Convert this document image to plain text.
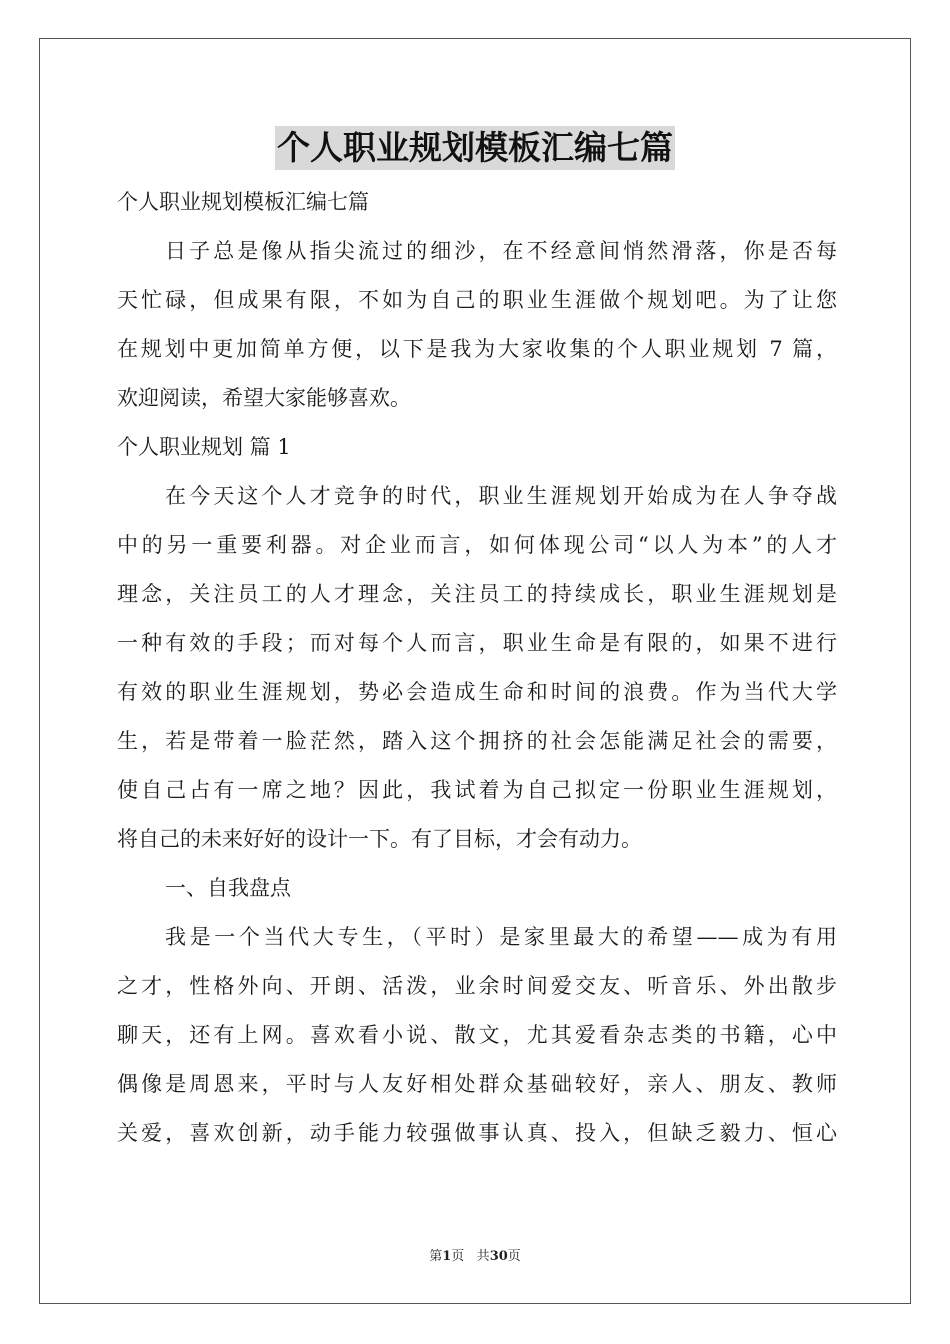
个人职业规划模板汇编七篇
个人职业规划模板汇编七篇
日子总是像从指尖流过的细沙，在不经意间悄然滑落，你是否每
天忙碌，但成果有限，不如为自己的职业生涯做个规划吧。为了让您
在规划中更加简单方便，以下是我为大家收集的个人职业规划 7 篇，
欢迎阅读，希望大家能够喜欢。
个人职业规划 篇 1
在今天这个人才竞争的时代，职业生涯规划开始成为在人争夺战
中的另一重要利器。对企业而言，如何体现公司“以人为本”的人才
理念，关注员工的人才理念，关注员工的持续成长，职业生涯规划是
一种有效的手段；而对每个人而言，职业生命是有限的，如果不进行
有效的职业生涯规划，势必会造成生命和时间的浪费。作为当代大学
生，若是带着一脸茫然，踏入这个拥挤的社会怎能满足社会的需要，
使自己占有一席之地？因此，我试着为自己拟定一份职业生涯规划，
将自己的未来好好的设计一下。有了目标，才会有动力。
一、自我盘点
我是一个当代大专生，（平时）是家里最大的希望——成为有用
之才，性格外向、开朗、活泼，业余时间爱交友、听音乐、外出散步
聊天，还有上网。喜欢看小说、散文，尤其爱看杂志类的书籍，心中
偶像是周恩来，平时与人友好相处群众基础较好，亲人、朋友、教师
关爱，喜欢创新，动手能力较强做事认真、投入，但缺乏毅力、恒心
第1页 共30页
